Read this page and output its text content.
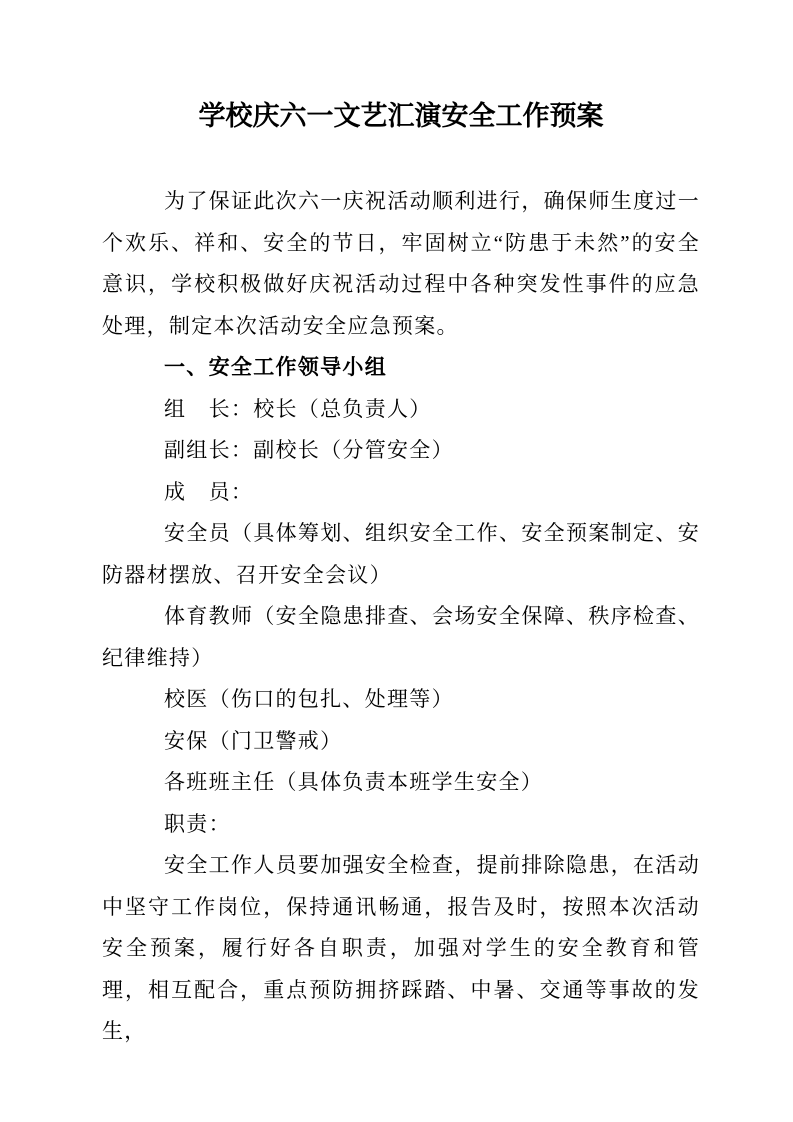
学校庆六一文艺汇演安全工作预案

为了保证此次六一庆祝活动顺利进行，确保师生度过一个欢乐、祥和、安全的节日，牢固树立“防患于未然”的安全意识，学校积极做好庆祝活动过程中各种突发性事件的应急处理，制定本次活动安全应急预案。

一、安全工作领导小组

组　长：校长（总负责人）

副组长：副校长（分管安全）

成　员：

安全员（具体筹划、组织安全工作、安全预案制定、安防器材摆放、召开安全会议）

体育教师（安全隐患排查、会场安全保障、秩序检查、纪律维持）

校医（伤口的包扎、处理等）

安保（门卫警戒）

各班班主任（具体负责本班学生安全）

职责：

安全工作人员要加强安全检查，提前排除隐患，在活动中坚守工作岗位，保持通讯畅通，报告及时，按照本次活动安全预案，履行好各自职责，加强对学生的安全教育和管理，相互配合，重点预防拥挤踩踏、中暑、交通等事故的发生，
